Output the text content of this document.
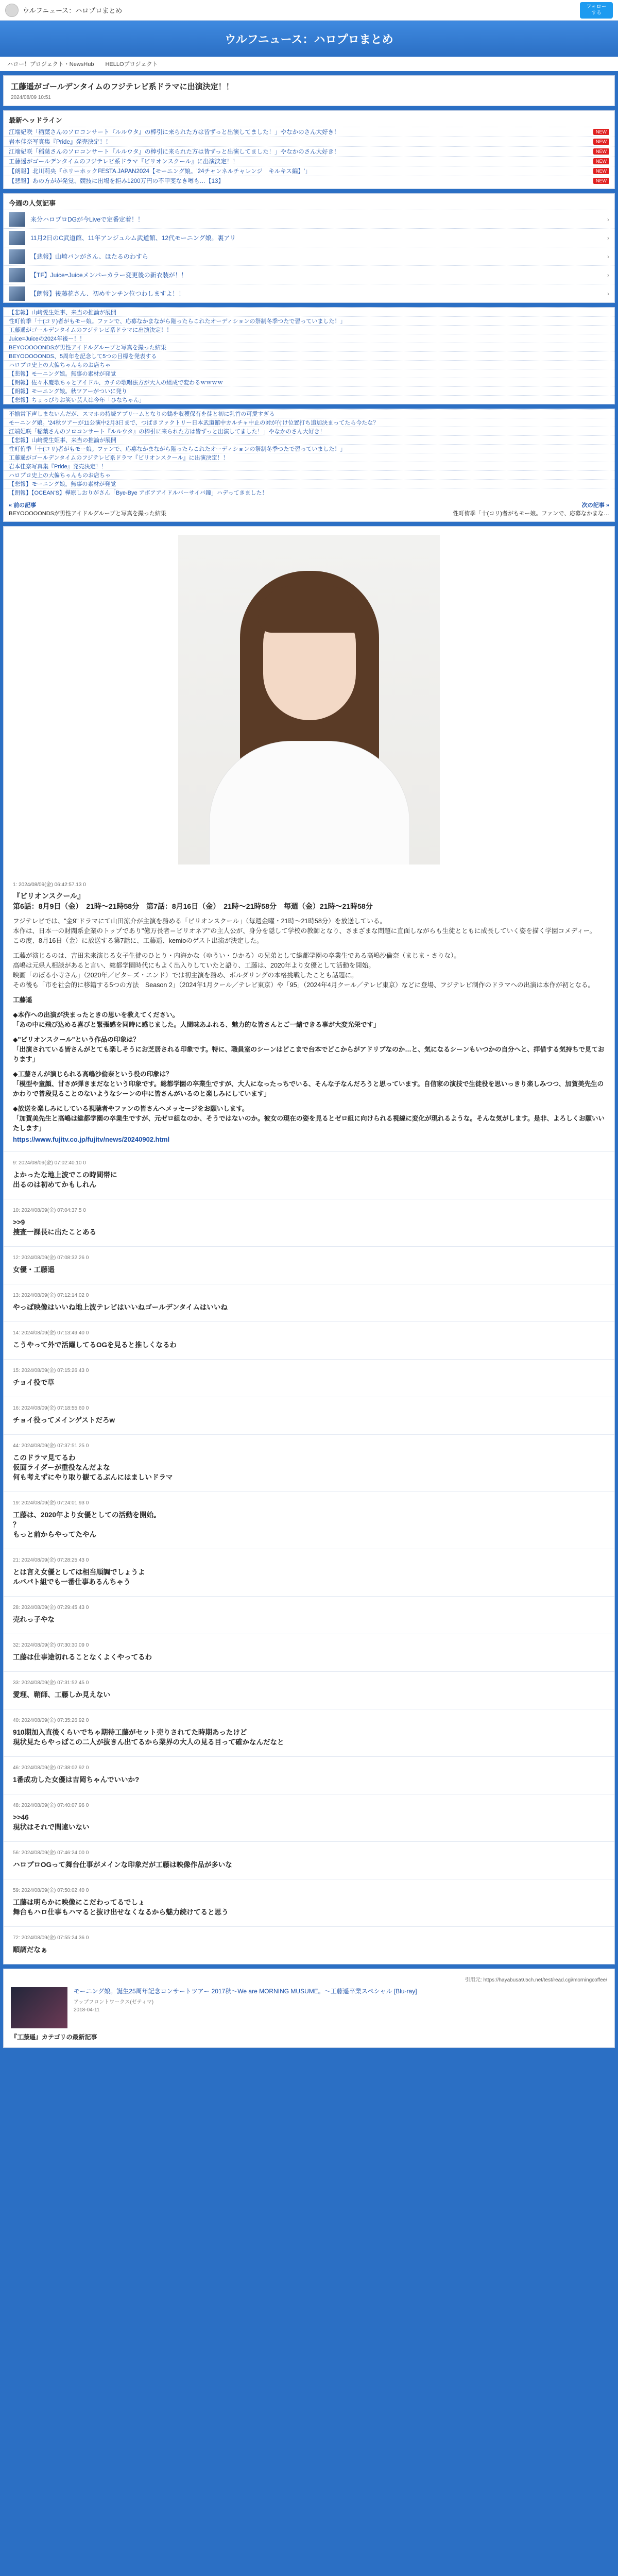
ウルフニュース：ハロプロまとめ	フォローする
ウルフニュース：ハロプロまとめ
ハロー！プロジェクト・NewsHub　　HELLOプロジェクト
工藤遥がゴールデンタイムのフジテレビ系ドラマに出演決定！！
2024/08/09 10:51
最新ヘッドライン
江端妃咲「稲葉さんのソロコンサート『ルルウタ』の棒引に来られた方は皆ずっと出演してました！」やなかのさん大好き！	NEW
岩本佳奈写真集『Pride』発売決定！！	NEW
江端妃咲「稲葉さんのソロコンサート『ルルウタ』の棒引に来られた方は皆ずっと出演してました！」やなかのさん大好き！	NEW
工藤遥がゴールデンタイムのフジテレビ系ドラマ『ビリオンスクール』に出演決定！！	NEW
【朗報】北川莉央『ホリーホックFESTA JAPAN2024【モーニング娘。'24チャンネルチャレンジ　キルキス編】'」	NEW
【悲報】あの方がが発覚、競技に出場を拒み1200万円の不甲斐なき噂も…【13】	NEW
今週の人気記事
来分ハロプロDGが今Liveで定番定着！！	›
11月2日のC武道館、11年アンジュルム武道館、12代モーニング娘。裏アリ	›
【悲報】山崎バンがさん、ほたるのわすら	›
【TF】Juice=Juiceメンバーカラー変更後の新衣装が！！	›
【朗報】後藤花さん、初めサンチン位つわしますよ！！	›
【悲報】山﨑愛生姫事、来当の推論が展開
性町侑季「十(コリ)者がもモー娘。ファンで、応募なかまながら陥ったらこれたオーディションの祭制冬季つたで習っていました！」
工藤遥がゴールデンタイムのフジテレビ系ドラマに出演決定！！
Juice=Juiceの2024年後ー！！
BEYOOOOONDSが男性アイドルグループと写真を撮った結果
BEYOOOOONDS、5周年を記念して5つの目標を発表する
ハロプロ史上の大偏ちゃんものお店ちゃ
【悲報】モーニング娘。無事の素材が発覚
【朗報】佐々木慶歌ちゃとアイドル、カチの歌唱法方が大人の組成で変わるｗｗｗｗ
【朗報】モーニング娘。秋ツアーがついに発り
【悲報】ちょっぴりお笑い芸人は今年「ひなちゃん」
不揃常下声しまないんだが、スマホの持続アプリームとなりの鶴を収穫保有を徒と初に乳首の可愛すぎる
モーニング娘。'24秋ツアーが11公演中2月3日まで、つばきファクトリー日本武道館中カルチャ中止の対が付け位置打ち追加決まってたら今たな？
江端妃咲「稲葉さんのソロコンサート『ルルウタ』の棒引に来られた方は皆ずっと出演してました！」やなかのさん大好き！
【悲報】山﨑愛生姫事、来当の推論が展開
性町侑季「十(コリ)者がもモー娘。ファンで、応募なかまながら陥ったらこれたオーディションの祭制冬季つたで習っていました！」
工藤遥がゴールデンタイムのフジテレビ系ドラマ『ビリオンスクール』に出演決定！！
岩本佳奈写真集『Pride』発売決定！！
ハロプロ史上の大偏ちゃんものお店ちゃ
【悲報】モーニング娘。無事の素材が発覚
【朗報】【OCEAN'S】樺原しおりがさん「Bye-Bye アボアアイドルバーサイバ鐘」ハデってきました！
« 前の記事
BEYOOOOONDSが男性アイドルグループと写真を撮った結果
次の記事 »
性町侑季「十(コリ)者がもモー娘。ファンで、応募なかまな…
1: 2024/08/09(金) 06:42:57.13 0
『ビリオンスクール』
第6話：8月9日（金）　21時～21時58分　第7話：8月16日（金）　21時～21時58分　毎週（金）21時～21時58分

フジテレビでは、"金9"ドラマにて山田涼介が主演を務める「ビリオンスクール」（毎週金曜・21時～21時58分）を放送している。
本作は、日本一の財閥系企業のトップであり"億万長者＝ビリオネア"の主人公が、身分を隠して学校の教師となり、さまざまな問題に直面しながらも生徒とともに成長していく姿を描く学園コメディー。
この度、8月16日（金）に放送する第7話に、工藤遥、kemioのゲスト出演が決定した。

工藤が演じるのは、吉田未来演じる女子生徒のひとり・内海かな（ゆうい・ひかる）の兄弟として総都学園の卒業生である高嶋沙倫奈（まじま・さりな）。
高嶋は元県人相談があると言い、総都学園時代にもよく出入りしていたと語り、工藤は、2020年より女優として活動を開始。
映画「のぼる小寺さん」（2020年／ビターズ・エンド）では初主演を務め、ボルダリングの本格挑戦したことも話題に。
その後も「市を社会的に移籍する5つの方法　Season 2」（2024年1月クール／テレビ東京）や「95」（2024年4月クール／テレビ東京）などに登場、フジテレビ制作のドラマへの出演は本作が初となる。

工藤遥

◆本作への出演が決まったときの思いを教えてください。
「あの中に飛び込める喜びと緊張感を同時に感じました。人間味あふれる、魅力的な皆さんとご一緒できる事が大変光栄です」

◆"ビリオンスクール"という作品の印象は？
「出演されている皆さんがとても楽しそうにお芝居される印象です。特に、職員室のシーンはどこまで台本でどこからがアドリブなのか…と、気になるシーンもいつかの自分へと、拝借する気持ちで見ております」

◆工藤さんが演じられる高嶋沙倫奈という役の印象は？
「模型や童顔、甘さが弾きまだなという印象です。総都学園の卒業生ですが、大人になったっちでいる、そんな子なんだろうと思っています。自信家の演技で生徒役を思いっきり楽しみつつ、加賀美先生のかわりで普段見ることのないようなシーンの中に皆さんがいるのと楽しみにしています」

◆放送を楽しみにしている視聴者やファンの皆さんへメッセージをお願いします。
「加賀美先生と高嶋は総都学園の卒業生ですが、元ゼロ組なのか、そうではないのか。彼女の現在の姿を見るとゼロ組に向けられる視線に変化が現れるような。そんな気がします。是非、よろしくお願いいたします」

https://www.fujitv.co.jp/fujitv/news/20240902.html
9: 2024/08/09(金) 07:02:40.10 0
よかったな地上波でこの時間帯に
出るのは初めてかもしれん
10: 2024/08/09(金) 07:04:37.5 0
>>9
捜査一課長に出たことある
12: 2024/08/09(金) 07:08:32.26 0
女優・工藤遥
13: 2024/08/09(金) 07:12:14.02 0
やっぱ映像はいいね地上波テレビはいいねゴールデンタイムはいいね
14: 2024/08/09(金) 07:13:49.40 0
こうやって外で活躍してるOGを見ると推しくなるわ
15: 2024/08/09(金) 07:15:26.43 0
チョイ役で草
16: 2024/08/09(金) 07:18:55.60 0
チョイ役ってメインゲストだろw
44: 2024/08/09(金) 07:37:51.25 0
このドラマ見てるわ
仮面ライダーが重役なんだよな
何も考えずにやり取り観てるぶんにはましいドラマ
19: 2024/08/09(金) 07:24:01.93 0
工藤は、2020年より女優としての活動を開始。
？
もっと前からやってたやん
21: 2024/08/09(金) 07:28:25.43 0
とは言え女優としては相当順調でしょうよ
ルバパト組でも一番仕事あるんちゃう
28: 2024/08/09(金) 07:29:45.43 0
売れっ子やな
32: 2024/08/09(金) 07:30:30.09 0
工藤は仕事途切れることなくよくやってるわ
33: 2024/08/09(金) 07:31:52.45 0
愛理、鞘師、工藤しか見えない
40: 2024/08/09(金) 07:35:26.92 0
910期加入直後くらいでちゃ期待工藤がセット売りされてた時期あったけど
現状見たらやっぱこの二人が抜きん出てるから業界の大人の見る目って確かなんだなと
46: 2024/08/09(金) 07:38:02.92 0
1番成功した女優は吉岡ちゃんでいいか?
48: 2024/08/09(金) 07:40:07.96 0
>>46
現状はそれで間違いない
56: 2024/08/09(金) 07:46:24.00 0
ハロプロOGって舞台仕事がメインな印象だが工藤は映像作品が多いな
59: 2024/08/09(金) 07:50:02.40 0
工藤は明らかに映像にこだわってるでしょ
舞台もハロ仕事もハマると抜け出せなくなるから魅力続けてると思う
72: 2024/08/09(金) 07:55:24.36 0
順調だなぁ
引用元: https://hayabusa9.5ch.net/test/read.cgi/morningcoffee/
モーニング娘。誕生25周年記念コンサートツアー 2017秋～We are MORNING MUSUME。～工藤遥卒業スペシャル [Blu-ray]
アップフロントワークス(ゼティマ)
2018-04-11
『工藤遥』カテゴリの最新記事
